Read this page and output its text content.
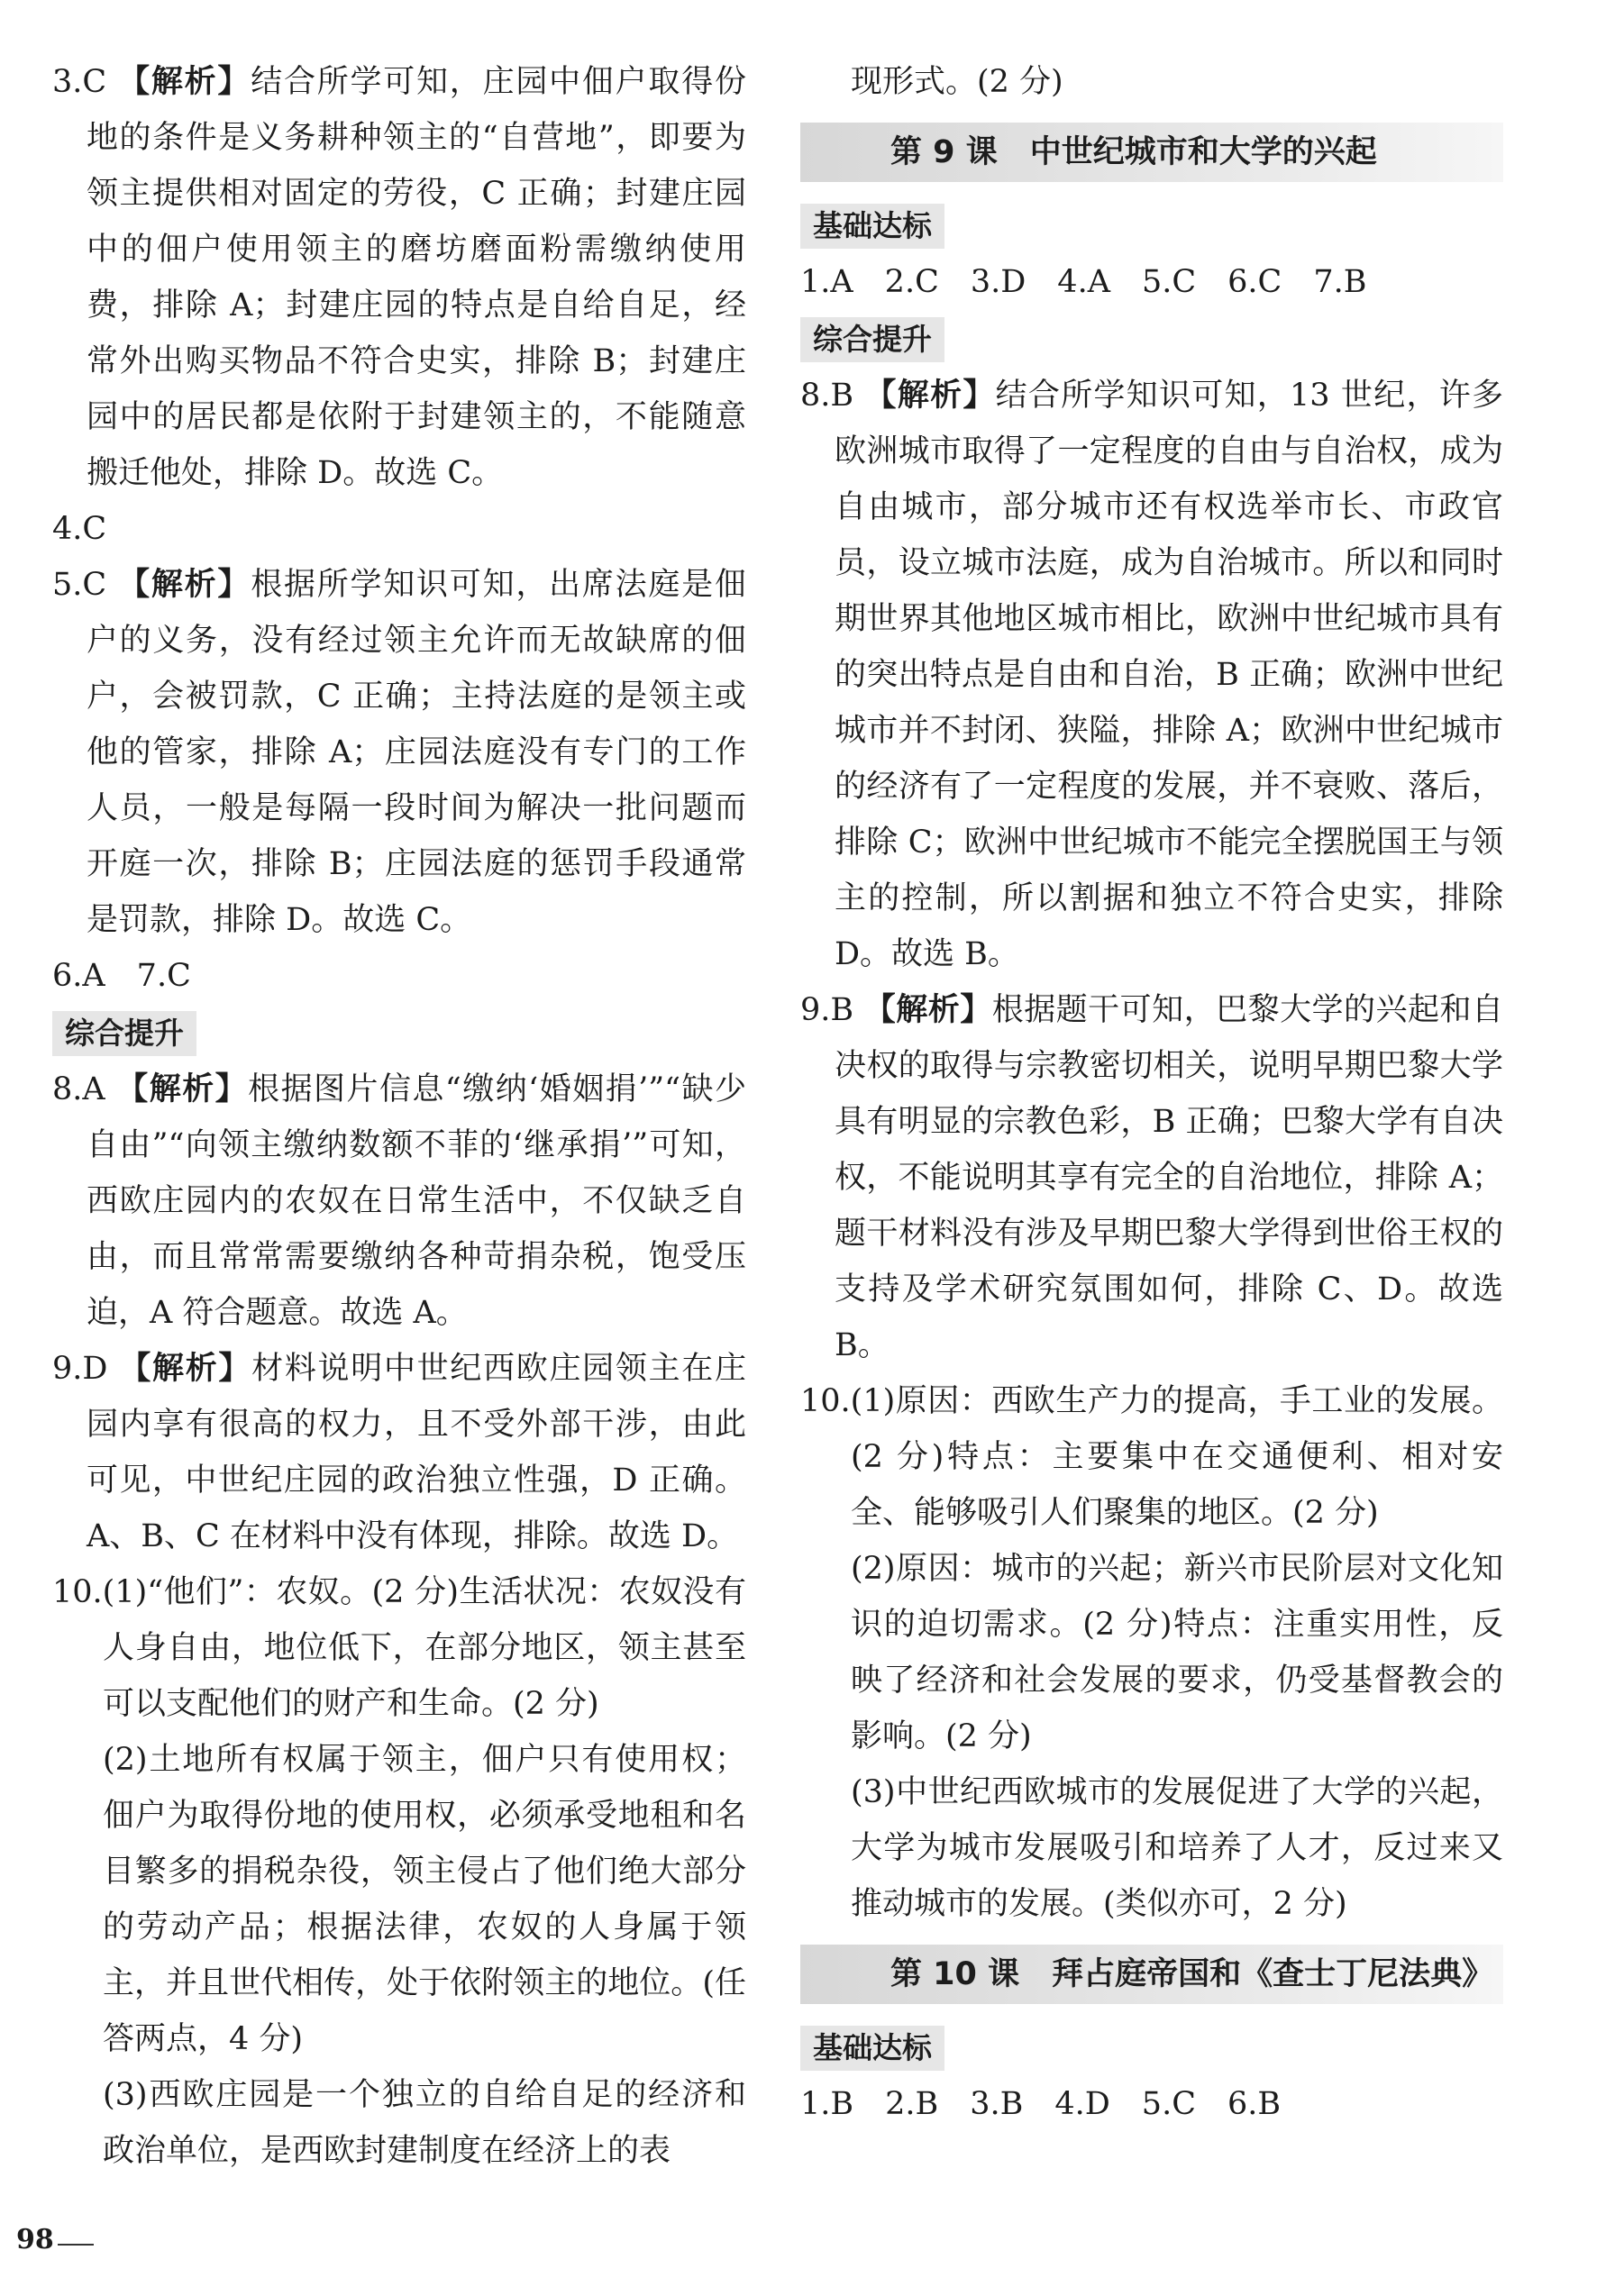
3.C 【解析】结合所学可知，庄园中佃户取得份地的条件是义务耕种领主的“自营地”，即要为领主提供相对固定的劳役，C 正确；封建庄园中的佃户使用领主的磨坊磨面粉需缴纳使用费，排除 A；封建庄园的特点是自给自足，经常外出购买物品不符合史实，排除 B；封建庄园中的居民都是依附于封建领主的，不能随意搬迁他处，排除 D。故选 C。

4.C

5.C 【解析】根据所学知识可知，出席法庭是佃户的义务，没有经过领主允许而无故缺席的佃户，会被罚款，C 正确；主持法庭的是领主或他的管家，排除 A；庄园法庭没有专门的工作人员，一般是每隔一段时间为解决一批问题而开庭一次，排除 B；庄园法庭的惩罚手段通常是罚款，排除 D。故选 C。

6.A　7.C

综合提升

8.A 【解析】根据图片信息“缴纳‘婚姻捐’”“缺少自由”“向领主缴纳数额不菲的‘继承捐’”可知，西欧庄园内的农奴在日常生活中，不仅缺乏自由，而且常常需要缴纳各种苛捐杂税，饱受压迫，A 符合题意。故选 A。

9.D 【解析】材料说明中世纪西欧庄园领主在庄园内享有很高的权力，且不受外部干涉，由此可见，中世纪庄园的政治独立性强，D 正确。A、B、C 在材料中没有体现，排除。故选 D。

10.(1)“他们”：农奴。(2 分)生活状况：农奴没有人身自由，地位低下，在部分地区，领主甚至可以支配他们的财产和生命。(2 分)

(2)土地所有权属于领主，佃户只有使用权；佃户为取得份地的使用权，必须承受地租和名目繁多的捐税杂役，领主侵占了他们绝大部分的劳动产品；根据法律，农奴的人身属于领主，并且世代相传，处于依附领主的地位。(任答两点，4 分)

(3)西欧庄园是一个独立的自给自足的经济和政治单位，是西欧封建制度在经济上的表

现形式。(2 分)

第 9 课 中世纪城市和大学的兴起
基础达标

1.A　2.C　3.D　4.A　5.C　6.C　7.B

综合提升

8.B 【解析】结合所学知识可知，13 世纪，许多欧洲城市取得了一定程度的自由与自治权，成为自由城市，部分城市还有权选举市长、市政官员，设立城市法庭，成为自治城市。所以和同时期世界其他地区城市相比，欧洲中世纪城市具有的突出特点是自由和自治，B 正确；欧洲中世纪城市并不封闭、狭隘，排除 A；欧洲中世纪城市的经济有了一定程度的发展，并不衰败、落后，排除 C；欧洲中世纪城市不能完全摆脱国王与领主的控制，所以割据和独立不符合史实，排除 D。故选 B。

9.B 【解析】根据题干可知，巴黎大学的兴起和自决权的取得与宗教密切相关，说明早期巴黎大学具有明显的宗教色彩，B 正确；巴黎大学有自决权，不能说明其享有完全的自治地位，排除 A；题干材料没有涉及早期巴黎大学得到世俗王权的支持及学术研究氛围如何，排除 C、D。故选 B。

10.(1)原因：西欧生产力的提高，手工业的发展。(2 分)特点：主要集中在交通便利、相对安全、能够吸引人们聚集的地区。(2 分)

(2)原因：城市的兴起；新兴市民阶层对文化知识的迫切需求。(2 分)特点：注重实用性，反映了经济和社会发展的要求，仍受基督教会的影响。(2 分)

(3)中世纪西欧城市的发展促进了大学的兴起，大学为城市发展吸引和培养了人才，反过来又推动城市的发展。(类似亦可，2 分)

第 10 课 拜占庭帝国和《查士丁尼法典》
基础达标

1.B　2.B　3.B　4.D　5.C　6.B

98
